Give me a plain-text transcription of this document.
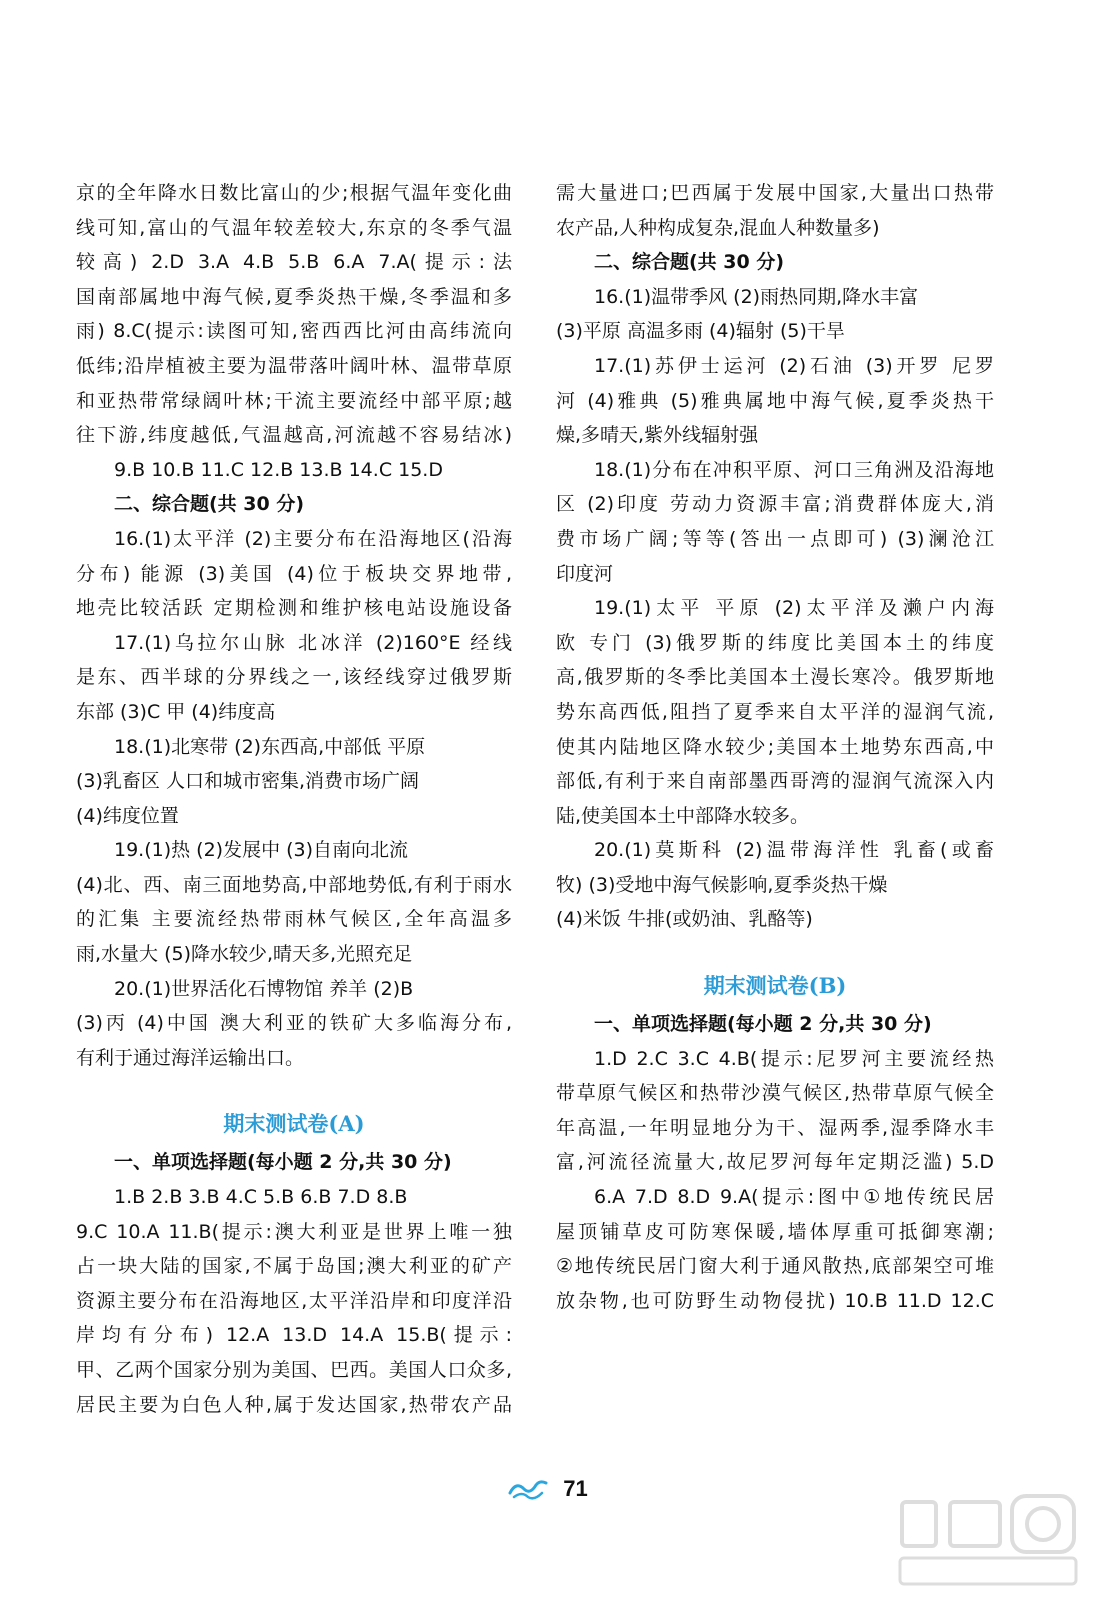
京的全年降水日数比富山的少;根据气温年变化曲
线可知,富山的气温年较差较大,东京的冬季气温
较高) 2.D 3.A 4.B 5.B 6.A 7.A(提示:法
国南部属地中海气候,夏季炎热干燥,冬季温和多
雨) 8.C(提示:读图可知,密西西比河由高纬流向
低纬;沿岸植被主要为温带落叶阔叶林、温带草原
和亚热带常绿阔叶林;干流主要流经中部平原;越
往下游,纬度越低,气温越高,河流越不容易结冰)
9.B 10.B 11.C 12.B 13.B 14.C 15.D
二、综合题(共 30 分)
16.(1)太平洋 (2)主要分布在沿海地区(沿海
分布) 能源 (3)美国 (4)位于板块交界地带,
地壳比较活跃 定期检测和维护核电站设施设备
17.(1)乌拉尔山脉 北冰洋 (2)160°E 经线
是东、西半球的分界线之一,该经线穿过俄罗斯
东部 (3)C 甲 (4)纬度高
18.(1)北寒带 (2)东西高,中部低 平原
(3)乳畜区 人口和城市密集,消费市场广阔
(4)纬度位置
19.(1)热 (2)发展中 (3)自南向北流
(4)北、西、南三面地势高,中部地势低,有利于雨水
的汇集 主要流经热带雨林气候区,全年高温多
雨,水量大 (5)降水较少,晴天多,光照充足
20.(1)世界活化石博物馆 养羊 (2)B
(3)丙 (4)中国 澳大利亚的铁矿大多临海分布,
有利于通过海洋运输出口。
期末测试卷(A)
一、单项选择题(每小题 2 分,共 30 分)
1.B 2.B 3.B 4.C 5.B 6.B 7.D 8.B
9.C 10.A 11.B(提示:澳大利亚是世界上唯一独
占一块大陆的国家,不属于岛国;澳大利亚的矿产
资源主要分布在沿海地区,太平洋沿岸和印度洋沿
岸均有分布) 12.A 13.D 14.A 15.B(提示:
甲、乙两个国家分别为美国、巴西。美国人口众多,
居民主要为白色人种,属于发达国家,热带农产品
需大量进口;巴西属于发展中国家,大量出口热带
农产品,人种构成复杂,混血人种数量多)
二、综合题(共 30 分)
16.(1)温带季风 (2)雨热同期,降水丰富
(3)平原 高温多雨 (4)辐射 (5)干旱
17.(1)苏伊士运河 (2)石油 (3)开罗 尼罗
河 (4)雅典 (5)雅典属地中海气候,夏季炎热干
燥,多晴天,紫外线辐射强
18.(1)分布在冲积平原、河口三角洲及沿海地
区 (2)印度 劳动力资源丰富;消费群体庞大,消
费市场广阔;等等(答出一点即可) (3)澜沧江
印度河
19.(1)太平 平原 (2)太平洋及濑户内海
欧 专门 (3)俄罗斯的纬度比美国本土的纬度
高,俄罗斯的冬季比美国本土漫长寒冷。俄罗斯地
势东高西低,阻挡了夏季来自太平洋的湿润气流,
使其内陆地区降水较少;美国本土地势东西高,中
部低,有利于来自南部墨西哥湾的湿润气流深入内
陆,使美国本土中部降水较多。
20.(1)莫斯科 (2)温带海洋性 乳畜(或畜
牧) (3)受地中海气候影响,夏季炎热干燥
(4)米饭 牛排(或奶油、乳酪等)
期末测试卷(B)
一、单项选择题(每小题 2 分,共 30 分)
1.D 2.C 3.C 4.B(提示:尼罗河主要流经热
带草原气候区和热带沙漠气候区,热带草原气候全
年高温,一年明显地分为干、湿两季,湿季降水丰
富,河流径流量大,故尼罗河每年定期泛滥) 5.D
6.A 7.D 8.D 9.A(提示:图中①地传统民居
屋顶铺草皮可防寒保暖,墙体厚重可抵御寒潮;
②地传统民居门窗大利于通风散热,底部架空可堆
放杂物,也可防野生动物侵扰) 10.B 11.D 12.C
71
